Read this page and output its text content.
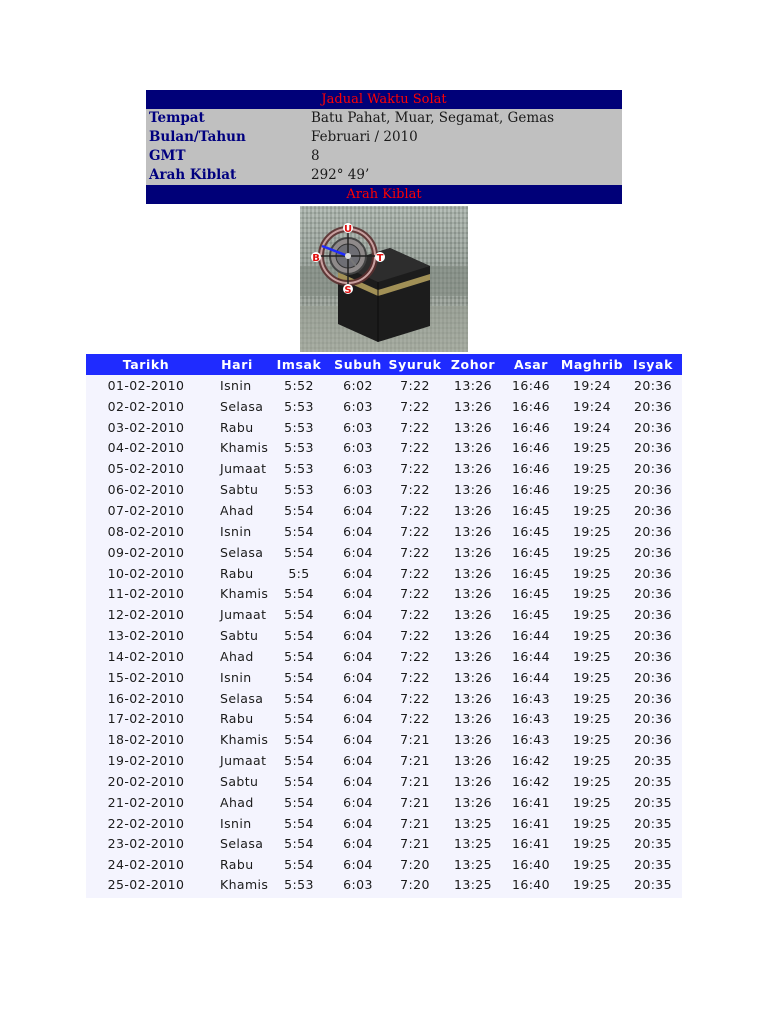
Jadual Waktu Solat
Tempat	Batu Pahat, Muar, Segamat, Gemas
Bulan/Tahun	Februari / 2010
GMT	8
Arah Kiblat	292° 49’
Arah Kiblat
U
S
B	T
Tarikh	Hari	Imsak	Subuh	Syuruk	Zohor	Asar	Maghrib	Isyak
01-02-2010	Isnin	5:52	6:02	7:22	13:26	16:46	19:24	20:36
02-02-2010	Selasa	5:53	6:03	7:22	13:26	16:46	19:24	20:36
03-02-2010	Rabu	5:53	6:03	7:22	13:26	16:46	19:24	20:36
04-02-2010	Khamis	5:53	6:03	7:22	13:26	16:46	19:25	20:36
05-02-2010	Jumaat	5:53	6:03	7:22	13:26	16:46	19:25	20:36
06-02-2010	Sabtu	5:53	6:03	7:22	13:26	16:46	19:25	20:36
07-02-2010	Ahad	5:54	6:04	7:22	13:26	16:45	19:25	20:36
08-02-2010	Isnin	5:54	6:04	7:22	13:26	16:45	19:25	20:36
09-02-2010	Selasa	5:54	6:04	7:22	13:26	16:45	19:25	20:36
10-02-2010	Rabu	5:5	6:04	7:22	13:26	16:45	19:25	20:36
11-02-2010	Khamis	5:54	6:04	7:22	13:26	16:45	19:25	20:36
12-02-2010	Jumaat	5:54	6:04	7:22	13:26	16:45	19:25	20:36
13-02-2010	Sabtu	5:54	6:04	7:22	13:26	16:44	19:25	20:36
14-02-2010	Ahad	5:54	6:04	7:22	13:26	16:44	19:25	20:36
15-02-2010	Isnin	5:54	6:04	7:22	13:26	16:44	19:25	20:36
16-02-2010	Selasa	5:54	6:04	7:22	13:26	16:43	19:25	20:36
17-02-2010	Rabu	5:54	6:04	7:22	13:26	16:43	19:25	20:36
18-02-2010	Khamis	5:54	6:04	7:21	13:26	16:43	19:25	20:36
19-02-2010	Jumaat	5:54	6:04	7:21	13:26	16:42	19:25	20:35
20-02-2010	Sabtu	5:54	6:04	7:21	13:26	16:42	19:25	20:35
21-02-2010	Ahad	5:54	6:04	7:21	13:26	16:41	19:25	20:35
22-02-2010	Isnin	5:54	6:04	7:21	13:25	16:41	19:25	20:35
23-02-2010	Selasa	5:54	6:04	7:21	13:25	16:41	19:25	20:35
24-02-2010	Rabu	5:54	6:04	7:20	13:25	16:40	19:25	20:35
25-02-2010	Khamis	5:53	6:03	7:20	13:25	16:40	19:25	20:35
